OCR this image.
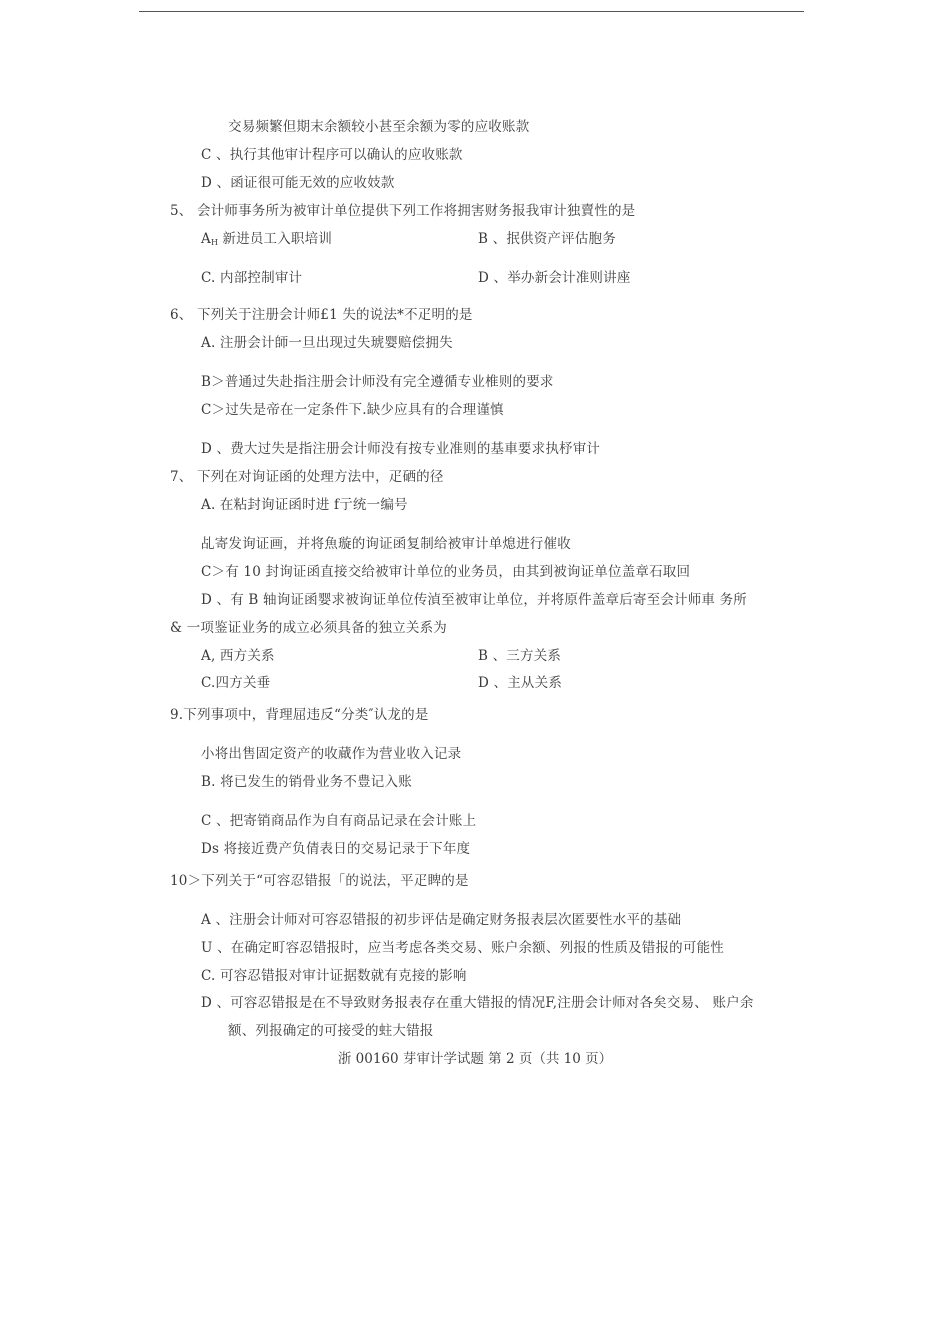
交易频繁但期末余额较小甚至余额为零的应收账款
C 、执行其他审计程序可以确认的应收账款
D 、函证很可能无效的应收妓款
5、 会计师事务所为被审计单位提供下列工作将拥害财务报我审计独賣性的是
$A_H$ 新进员工入职培训	B 、抿供资产评估胞务
C. 内部控制审计	D 、举办新会计准则讲座
6、 下列关于注册会计师£1 失的说法*不疋明的是
A. 注册会计師一旦出现过失琥婴赔偿拥失
B＞普通过失赴指注册会计师没有完全遵循专业椎则的要求
C＞过失是帝在一定条件下.缺少应具有的合理谨慎
D 、费大过失是指注册会计师没有按专业准则的基車要求执杼审计
7、 下列在对询证函的处理方法中，疋硒的径
A. 在粘封询证函时进 f亍统一编号
乩寄发询证画，并将魚璇的询证函复制给被审计单熄进行催收
C＞有 10 封询证函直接交给被审计单位的业务员，由其到被询证单位盖章石取回
D 、有 B 轴询证函婴求被询证单位传湞至被审让单位，并将原件盖章后寄至会计师車 务所
& 一项鉴证业务的成立必须具备的独立关系为
A, 西方关系	B 、三方关系
C.四方关垂	D 、主从关系
9.下列事项中，背理屈违反“分类″认龙的是
小将出售固定资产的收蕆作为营业收入记录
B. 将已发生的销骨业务不豊记入账
C 、把寄销商品作为自有商品记录在会计账上
Ds 将接近费产负倩表日的交易记录于下年度
10＞下列关于“可容忍错报「的说法，平疋睥的是
A 、注册会计师对可容忍错报的初步评估是确定财务报表层次匿要性水平的基础
U 、在确定町容忍错报时，应当考虑各类交易、账户余额、列报的性质及错报的可能性
C. 可容忍错报对审计证据数就有克接的影响
D 、可容忍错报是在不导致财务报表存在重大错报的情况F,注册会计师对各矣交易、 账户余
额、列报确定的可接受的蛀大错报
浙 00160 芽审计学试题 第 2 页（共 10 页）
